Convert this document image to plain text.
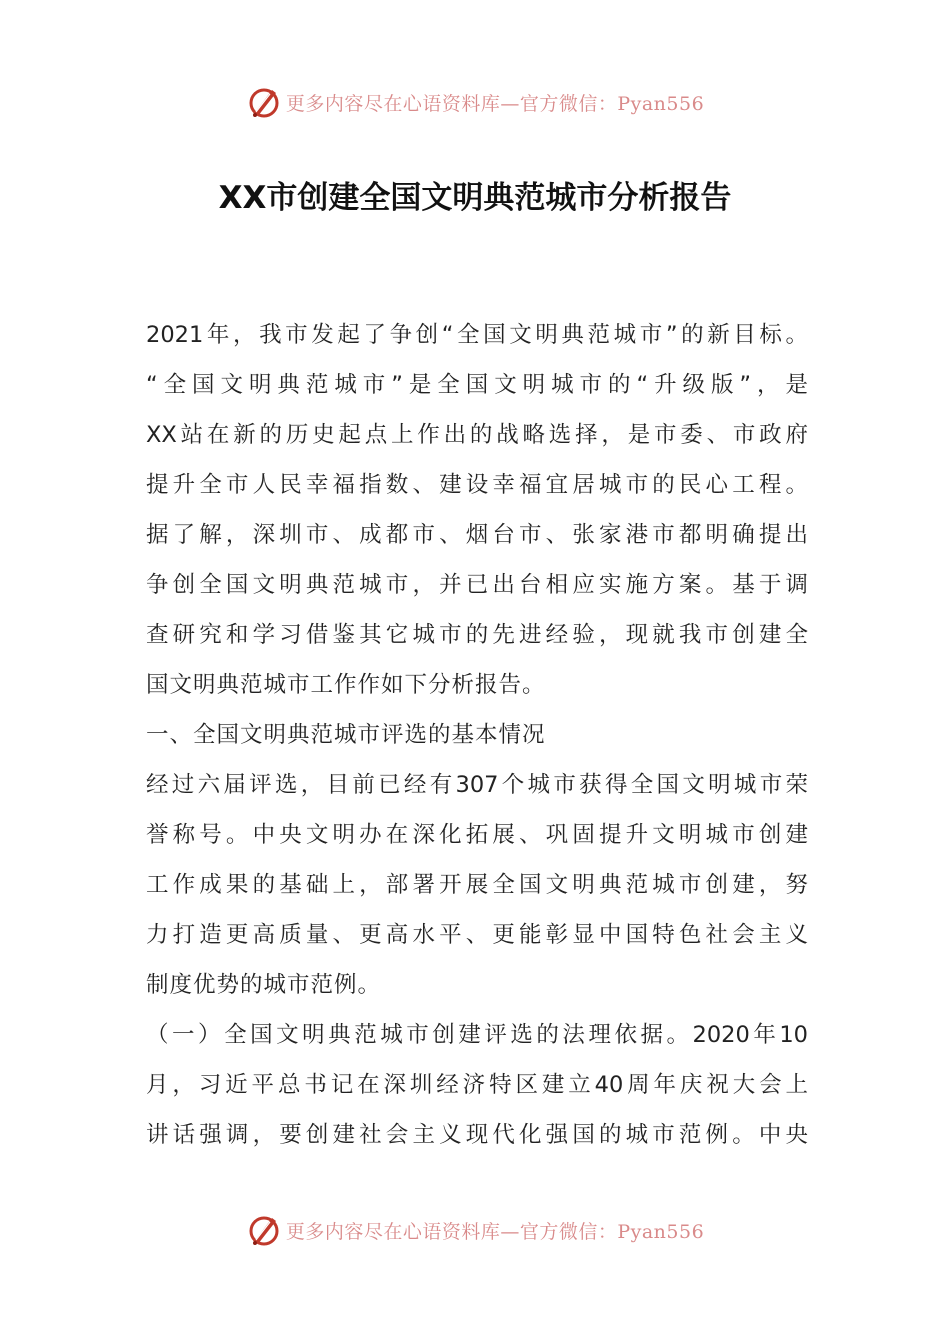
更多内容尽在心语资料库—官方微信：Pyan556
XX市创建全国文明典范城市分析报告
2021年，我市发起了争创“全国文明典范城市”的新目标。
“全国文明典范城市”是全国文明城市的“升级版”，是
XX站在新的历史起点上作出的战略选择，是市委、市政府
提升全市人民幸福指数、建设幸福宜居城市的民心工程。
据了解，深圳市、成都市、烟台市、张家港市都明确提出
争创全国文明典范城市，并已出台相应实施方案。基于调
查研究和学习借鉴其它城市的先进经验，现就我市创建全
国文明典范城市工作作如下分析报告。
一、全国文明典范城市评选的基本情况
经过六届评选，目前已经有307个城市获得全国文明城市荣
誉称号。中央文明办在深化拓展、巩固提升文明城市创建
工作成果的基础上，部署开展全国文明典范城市创建，努
力打造更高质量、更高水平、更能彰显中国特色社会主义
制度优势的城市范例。
（一）全国文明典范城市创建评选的法理依据。2020年10
月，习近平总书记在深圳经济特区建立40周年庆祝大会上
讲话强调，要创建社会主义现代化强国的城市范例。中央
更多内容尽在心语资料库—官方微信：Pyan556
